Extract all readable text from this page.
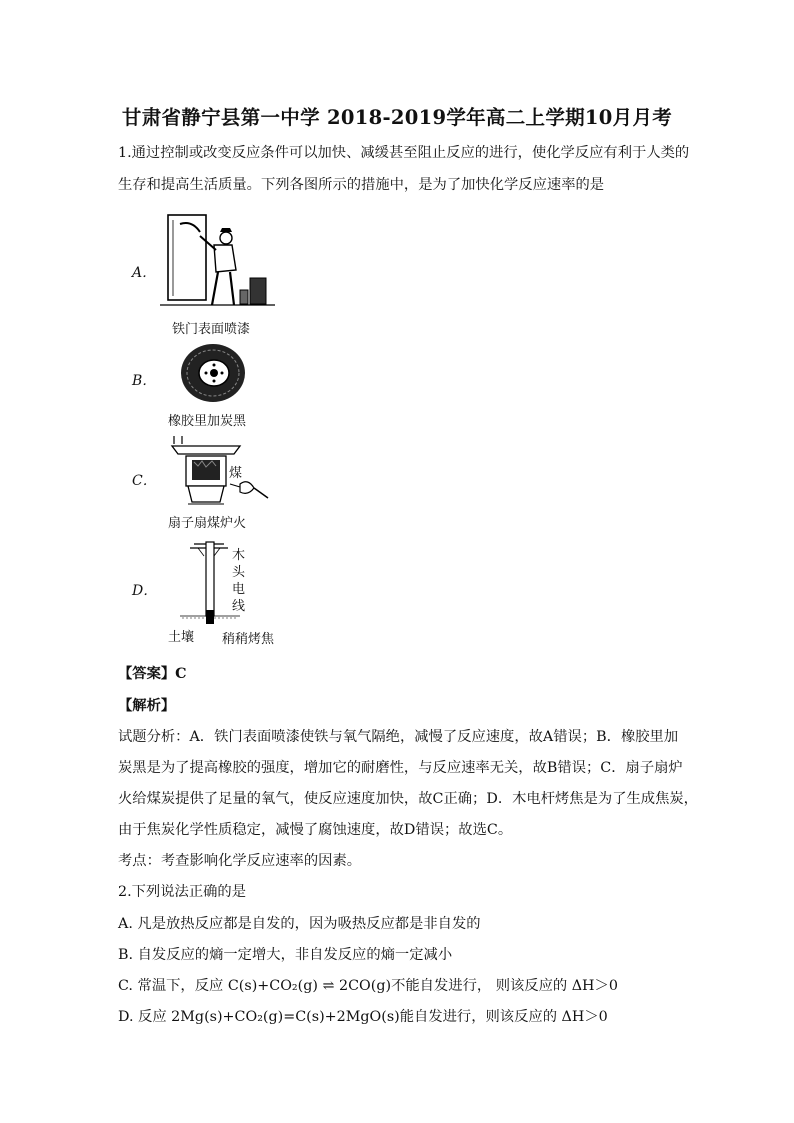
甘肃省静宁县第一中学 2018-2019学年高二上学期10月月考
1.通过控制或改变反应条件可以加快、减缓甚至阻止反应的进行，使化学反应有利于人类的
生存和提高生活质量。下列各图所示的措施中，是为了加快化学反应速率的是
A．
铁门表面喷漆
B．
橡胶里加炭黑
C．	煤
扇子扇煤炉火
D．
木
头
电
线
土壤 稍稍烤焦
【答案】C
【解析】
试题分析：A．铁门表面喷漆使铁与氧气隔绝，减慢了反应速度，故A错误；B．橡胶里加
炭黑是为了提高橡胶的强度，增加它的耐磨性，与反应速率无关，故B错误；C．扇子扇炉
火给煤炭提供了足量的氧气，使反应速度加快，故C正确；D．木电杆烤焦是为了生成焦炭，
由于焦炭化学性质稳定，减慢了腐蚀速度，故D错误；故选C。
考点：考查影响化学反应速率的因素。
2.下列说法正确的是
A. 凡是放热反应都是自发的，因为吸热反应都是非自发的
B. 自发反应的熵一定增大，非自发反应的熵一定减小
C. 常温下，反应 C(s)+CO₂(g) ⇌ 2CO(g)不能自发进行， 则该反应的 ΔH＞0
D. 反应 2Mg(s)+CO₂(g)=C(s)+2MgO(s)能自发进行，则该反应的 ΔH＞0
